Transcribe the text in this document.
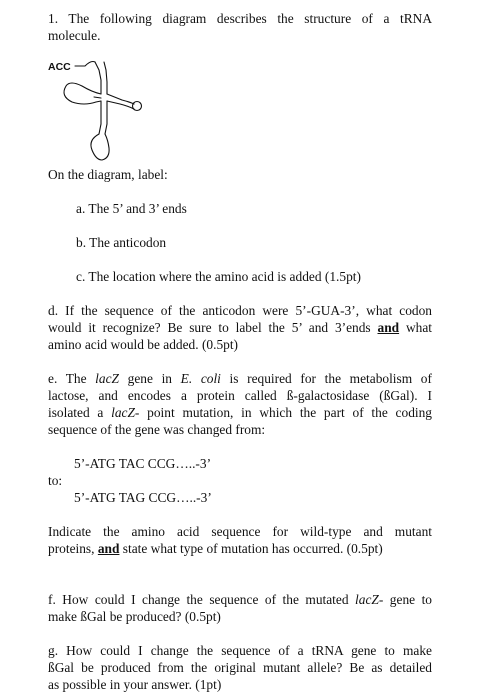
1. The following diagram describes the structure of a tRNA
molecule.
ACC
On the diagram, label:
a. The 5’ and 3’ ends
b. The anticodon
c. The location where the amino acid is added (1.5pt)
d. If the sequence of the anticodon were 5’-GUA-3’, what codon
would it recognize? Be sure to label the 5’ and 3’ends and what
amino acid would be added. (0.5pt)
e. The lacZ gene in E. coli is required for the metabolism of
lactose, and encodes a protein called ß-galactosidase (ßGal). I
isolated a lacZ- point mutation, in which the part of the coding
sequence of the gene was changed from:
5’-ATG TAC CCG…..-3’
to:
5’-ATG TAG CCG…..-3’
Indicate the amino acid sequence for wild-type and mutant
proteins, and state what type of mutation has occurred. (0.5pt)
f. How could I change the sequence of the mutated lacZ- gene to
make ßGal be produced? (0.5pt)
g. How could I change the sequence of a tRNA gene to make
ßGal be produced from the original mutant allele? Be as detailed
as possible in your answer. (1pt)
